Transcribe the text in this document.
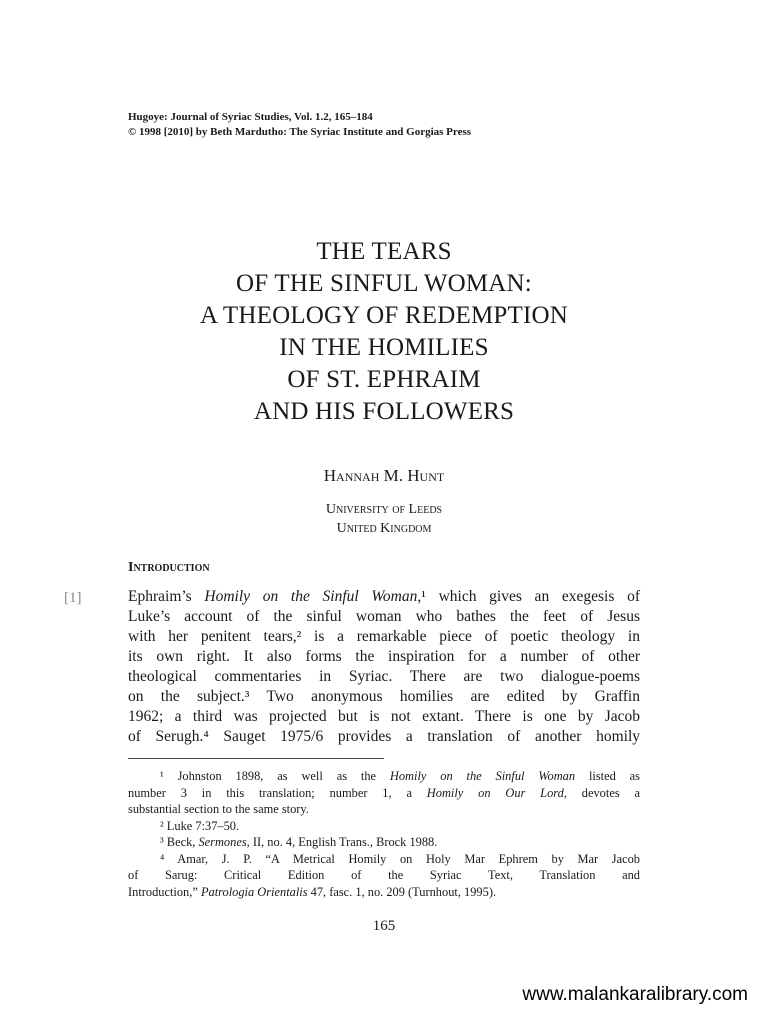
Hugoye: Journal of Syriac Studies, Vol. 1.2, 165–184
© 1998 [2010] by Beth Mardutho: The Syriac Institute and Gorgias Press
THE TEARS
OF THE SINFUL WOMAN:
A THEOLOGY OF REDEMPTION
IN THE HOMILIES
OF ST. EPHRAIM
AND HIS FOLLOWERS
Hannah M. Hunt
University of Leeds
United Kingdom
Introduction
[1]	Ephraim’s Homily on the Sinful Woman,¹ which gives an exegesis of
Luke’s account of the sinful woman who bathes the feet of Jesus
with her penitent tears,² is a remarkable piece of poetic theology in
its own right. It also forms the inspiration for a number of other
theological commentaries in Syriac. There are two dialogue-poems
on the subject.³ Two anonymous homilies are edited by Graffin
1962; a third was projected but is not extant. There is one by Jacob
of Serugh.⁴ Sauget 1975/6 provides a translation of another homily
¹ Johnston 1898, as well as the Homily on the Sinful Woman listed as
number 3 in this translation; number 1, a Homily on Our Lord, devotes a
substantial section to the same story.
² Luke 7:37–50.
³ Beck, Sermones, II, no. 4, English Trans., Brock 1988.
⁴ Amar, J. P. “A Metrical Homily on Holy Mar Ephrem by Mar Jacob
of Sarug: Critical Edition of the Syriac Text, Translation and
Introduction,” Patrologia Orientalis 47, fasc. 1, no. 209 (Turnhout, 1995).
165
www.malankaralibrary.com
